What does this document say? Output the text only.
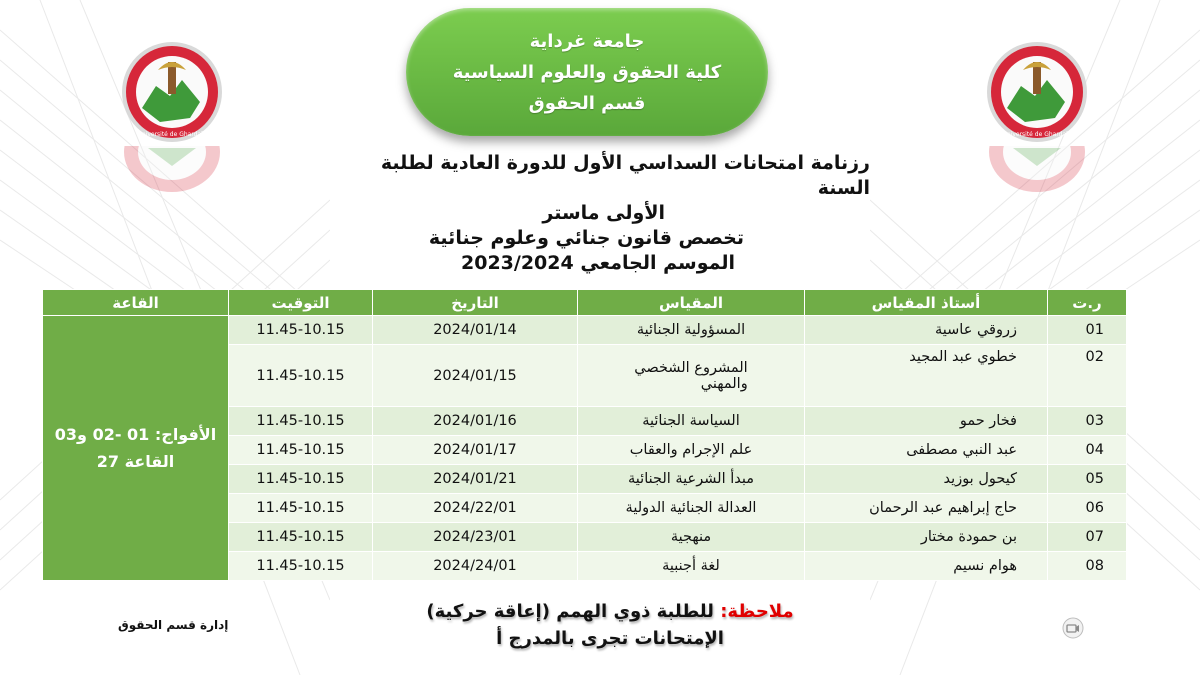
Université de Ghardaïa	Université de Ghardaïa
جامعة غرداية
كلية الحقوق والعلوم السياسية
قسم الحقوق
رزنامة امتحانات السداسي الأول للدورة العادية لطلبة السنة
الأولى ماستر
تخصص قانون جنائي وعلوم جنائية
الموسم الجامعي 2023/2024
ر.ت	أستاذ المقياس	المقياس	التاريخ	التوقيت	القاعة
01	زروقي عاسية	المسؤولية الجنائية	2024/01/14	11.45-10.15	الأفواج: 01 -02 و03
القاعة 27

02	خطوي عبد المجيد	المشروع الشخصي
والمهني	2024/01/15	11.45-10.15	
03	فخار حمو	السياسة الجنائية	2024/01/16	11.45-10.15	
04	عبد النبي مصطفى	علم الإجرام والعقاب	2024/01/17	11.45-10.15	
05	كيحول بوزيد	مبدأ الشرعية الجنائية	2024/01/21	11.45-10.15	
06	حاج إبراهيم عبد الرحمان	العدالة الجنائية الدولية	2024/22/01	11.45-10.15	
07	بن حمودة مختار	منهجية	2024/23/01	11.45-10.15	
08	هوام نسيم	لغة أجنبية	2024/24/01	11.45-10.15	
ملاحظة: للطلبة ذوي الهمم (إعاقة حركية)
الإمتحانات تجرى بالمدرج أ
إدارة قسم الحقوق
